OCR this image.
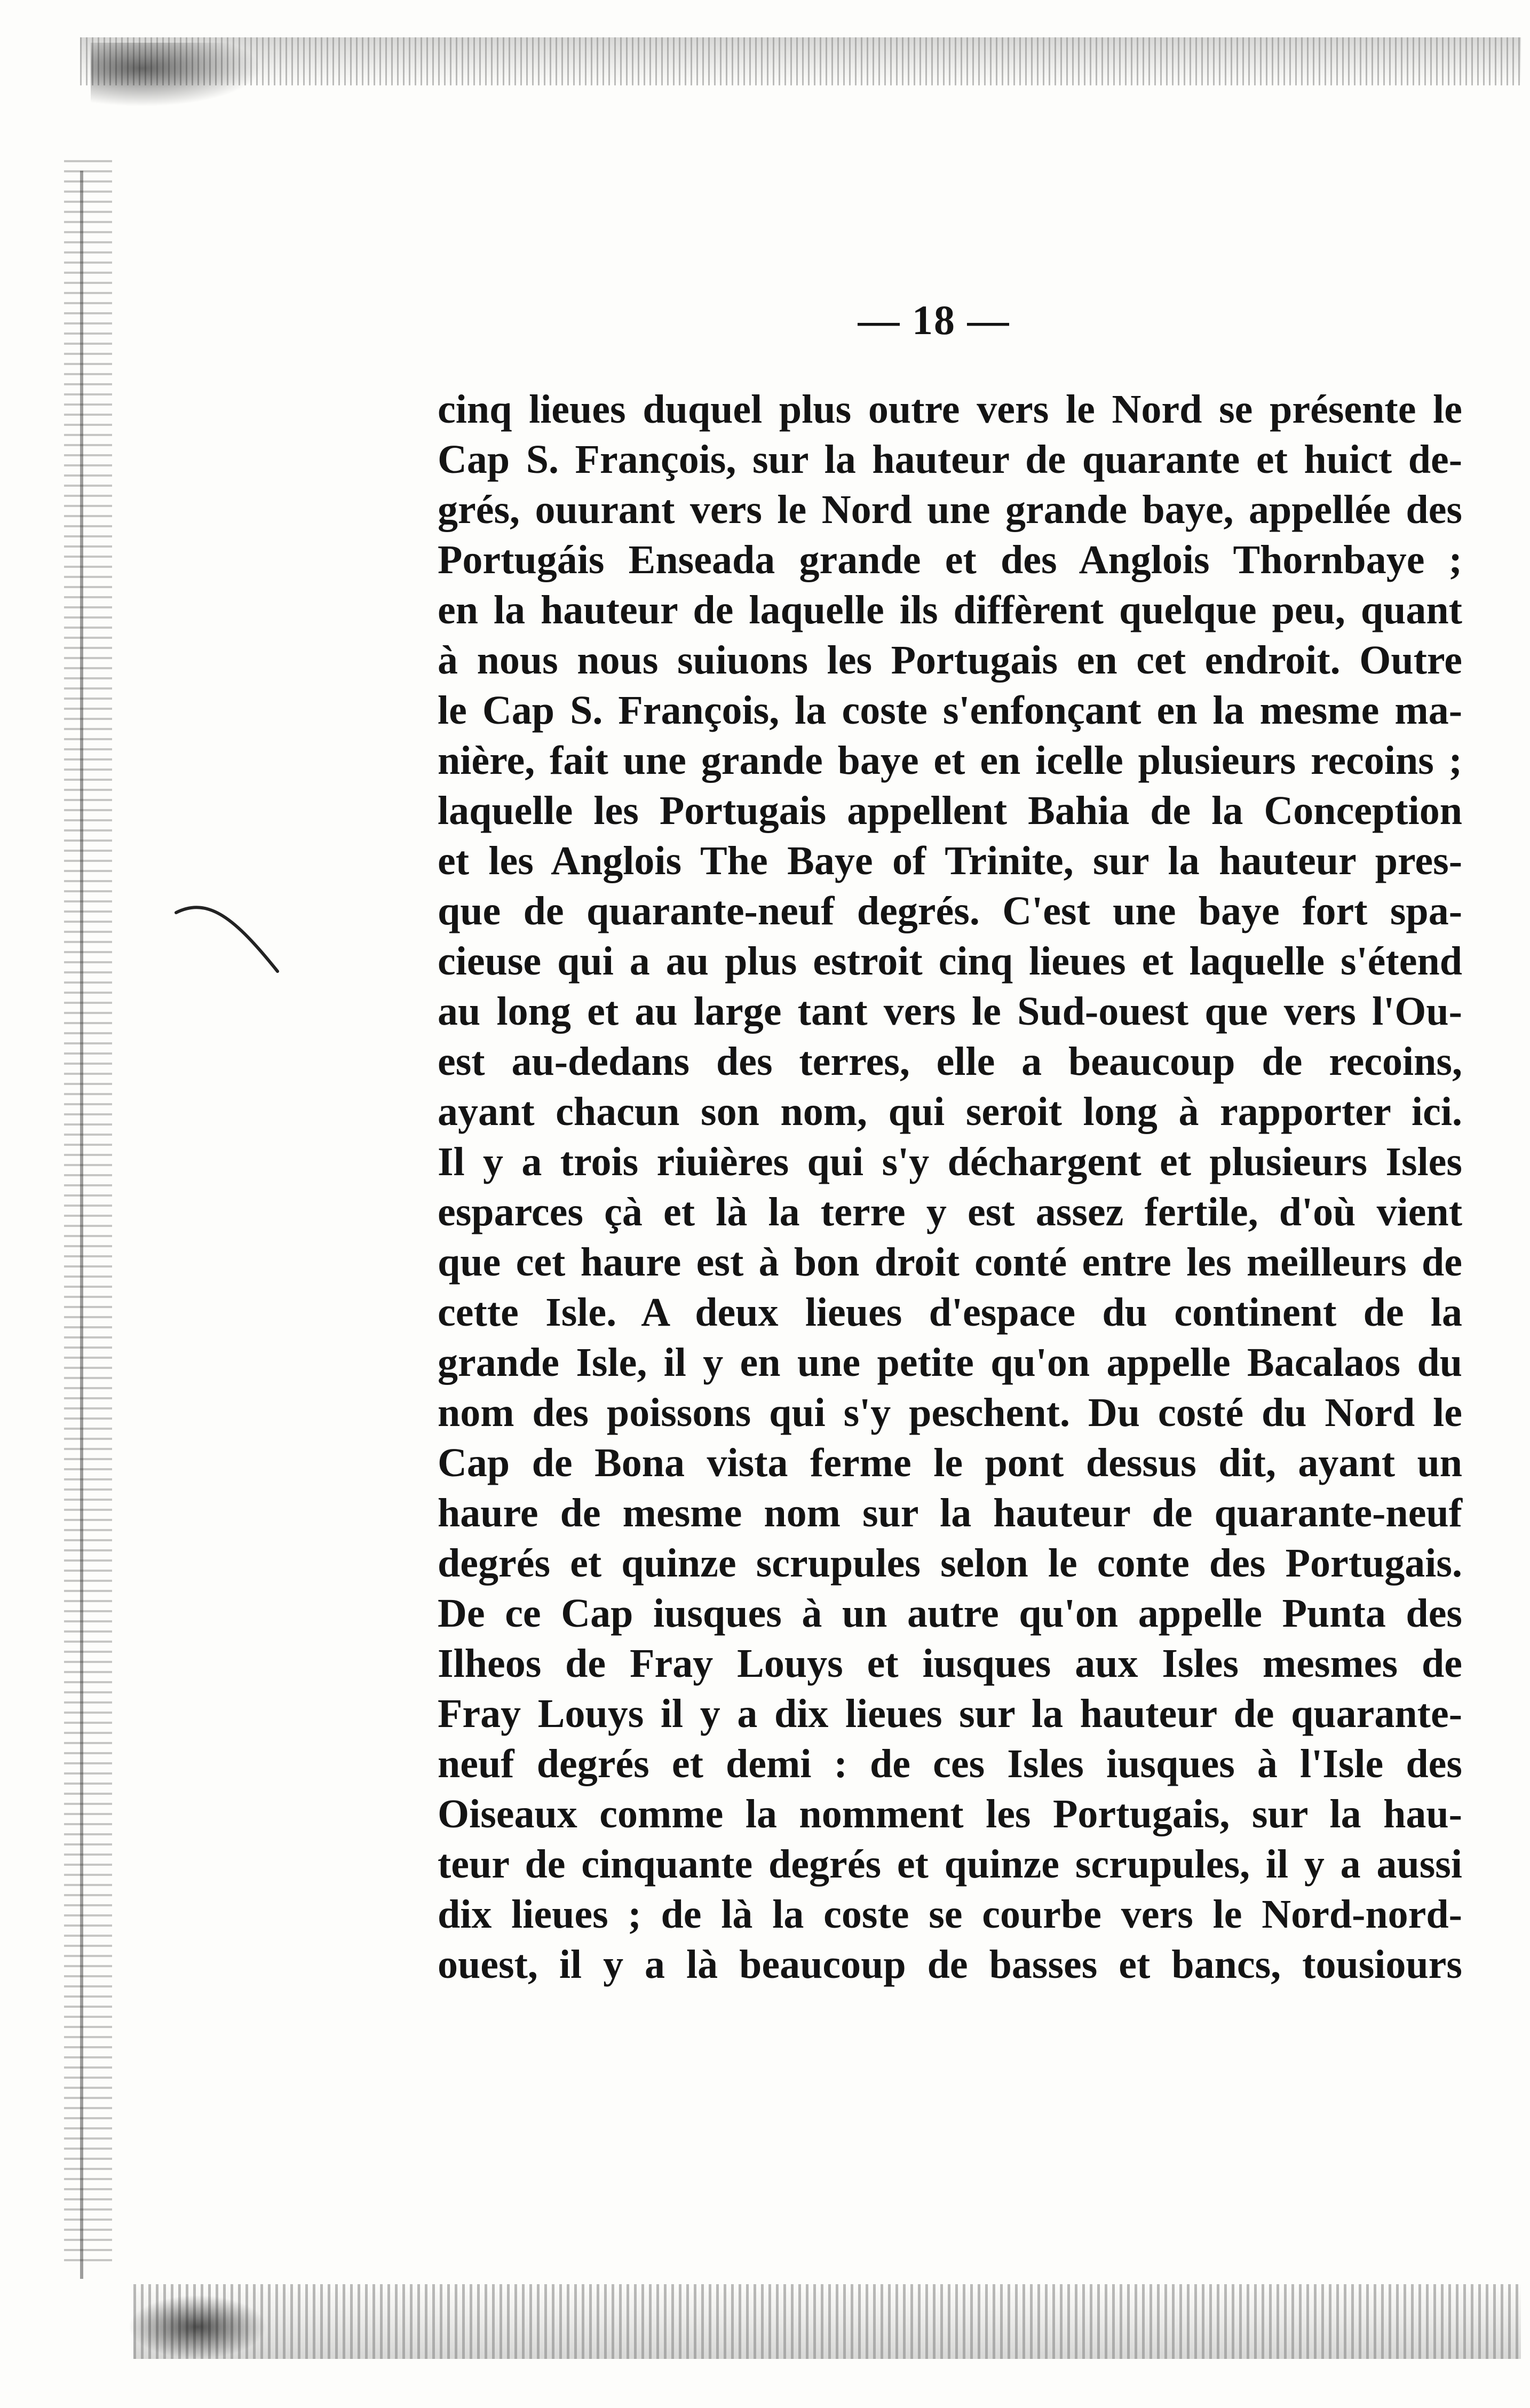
— 18 —
cinq lieues duquel plus outre vers le Nord se présente le
Cap S. François, sur la hauteur de quarante et huict de-
grés, ouurant vers le Nord une grande baye, appellée des
Portugáis Enseada grande et des Anglois Thornbaye ;
en la hauteur de laquelle ils diffèrent quelque peu, quant
à nous nous suiuons les Portugais en cet endroit. Outre
le Cap S. François, la coste s'enfonçant en la mesme ma-
nière, fait une grande baye et en icelle plusieurs recoins ;
laquelle les Portugais appellent Bahia de la Conception
et les Anglois The Baye of Trinite, sur la hauteur pres-
que de quarante-neuf degrés. C'est une baye fort spa-
cieuse qui a au plus estroit cinq lieues et laquelle s'étend
au long et au large tant vers le Sud-ouest que vers l'Ou-
est au-dedans des terres, elle a beaucoup de recoins,
ayant chacun son nom, qui seroit long à rapporter ici.
Il y a trois riuières qui s'y déchargent et plusieurs Isles
esparces çà et là la terre y est assez fertile, d'où vient
que cet haure est à bon droit conté entre les meilleurs de
cette Isle. A deux lieues d'espace du continent de la
grande Isle, il y en une petite qu'on appelle Bacalaos du
nom des poissons qui s'y peschent. Du costé du Nord le
Cap de Bona vista ferme le pont dessus dit, ayant un
haure de mesme nom sur la hauteur de quarante-neuf
degrés et quinze scrupules selon le conte des Portugais.
De ce Cap iusques à un autre qu'on appelle Punta des
Ilheos de Fray Louys et iusques aux Isles mesmes de
Fray Louys il y a dix lieues sur la hauteur de quarante-
neuf degrés et demi : de ces Isles iusques à l'Isle des
Oiseaux comme la nomment les Portugais, sur la hau-
teur de cinquante degrés et quinze scrupules, il y a aussi
dix lieues ; de là la coste se courbe vers le Nord-nord-
ouest, il y a là beaucoup de basses et bancs, tousiours
